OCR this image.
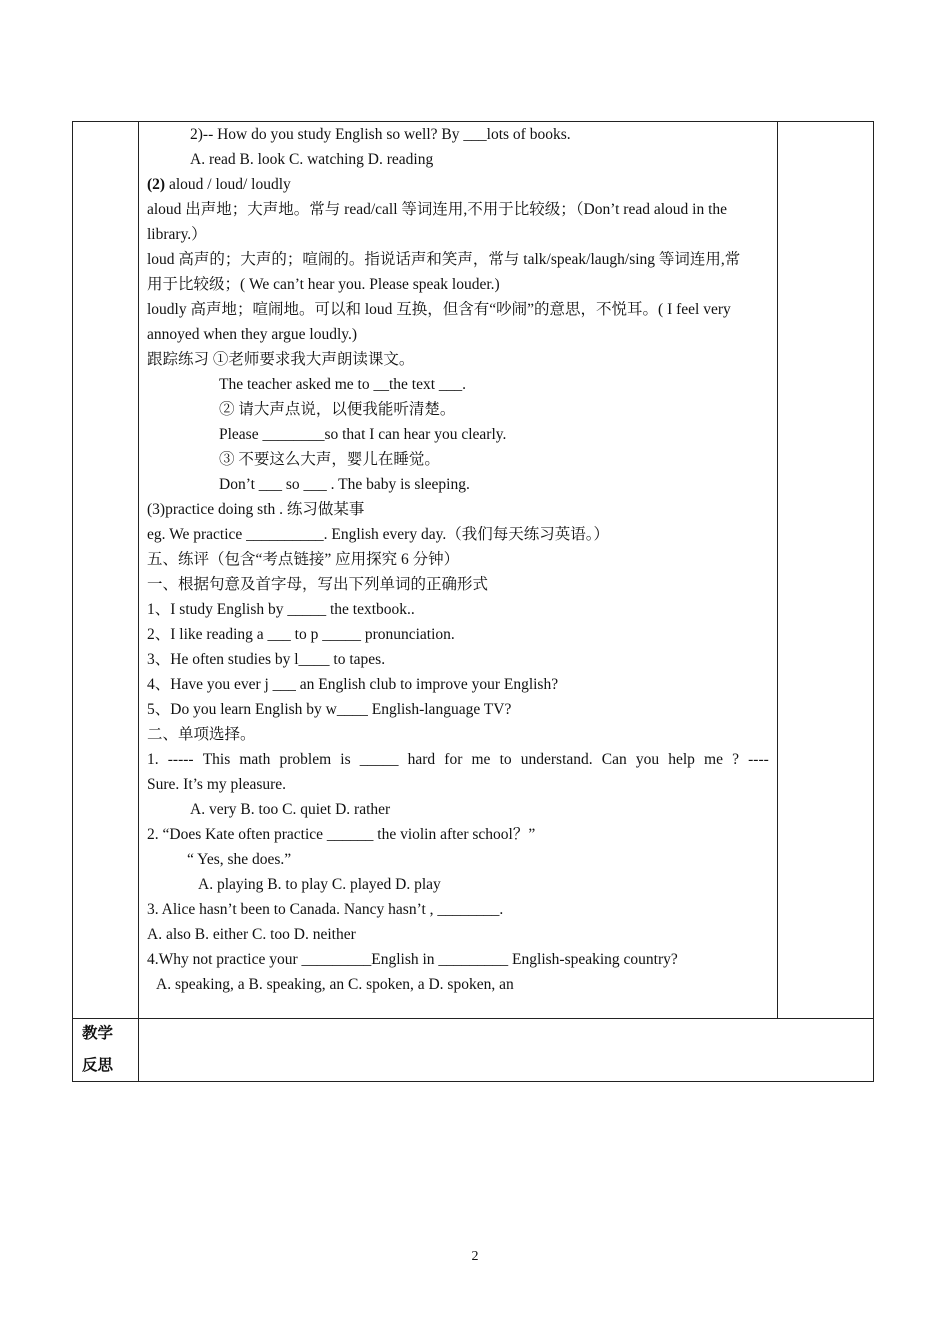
2)-- How do you study English so well? By ___lots of books.
A. read B. look C. watching D. reading
(2) aloud / loud/ loudly
aloud 出声地；大声地。常与 read/call 等词连用,不用于比较级；（Don’t read aloud in the
library.）
loud 高声的；大声的；喧闹的。指说话声和笑声，常与 talk/speak/laugh/sing 等词连用,常
用于比较级；( We can’t hear you. Please speak louder.)
loudly 高声地；喧闹地。可以和 loud 互换，但含有“吵闹”的意思，不悦耳。( I feel very
annoyed when they argue loudly.)
跟踪练习 ①老师要求我大声朗读课文。
The teacher asked me to __the text ___.
② 请大声点说，以便我能听清楚。
Please ________so that I can hear you clearly.
③ 不要这么大声，婴儿在睡觉。
Don’t ___ so ___ . The baby is sleeping.
(3)practice doing sth . 练习做某事
eg. We practice __________. English every day.（我们每天练习英语。）
五、练评（包含“考点链接” 应用探究 6 分钟）
一、根据句意及首字母，写出下列单词的正确形式
1、I study English by _____ the textbook..
2、I like reading a ___ to p _____ pronunciation.
3、He often studies by l____ to tapes.
4、Have you ever j ___ an English club to improve your English?
5、Do you learn English by w____ English-language TV?
二、单项选择。
1. ----- This math problem is _____ hard for me to understand. Can you help me ? ----
Sure. It’s my pleasure.
A. very B. too C. quiet D. rather
2. “Does Kate often practice ______ the violin after school？”
“ Yes, she does.”
A. playing B. to play C. played D. play
3. Alice hasn’t been to Canada. Nancy hasn’t , ________.
A. also B. either C. too D. neither
4.Why not practice your _________English in _________ English-speaking country?
A. speaking, a B. speaking, an C. spoken, a D. spoken, an
教学
反思
2
